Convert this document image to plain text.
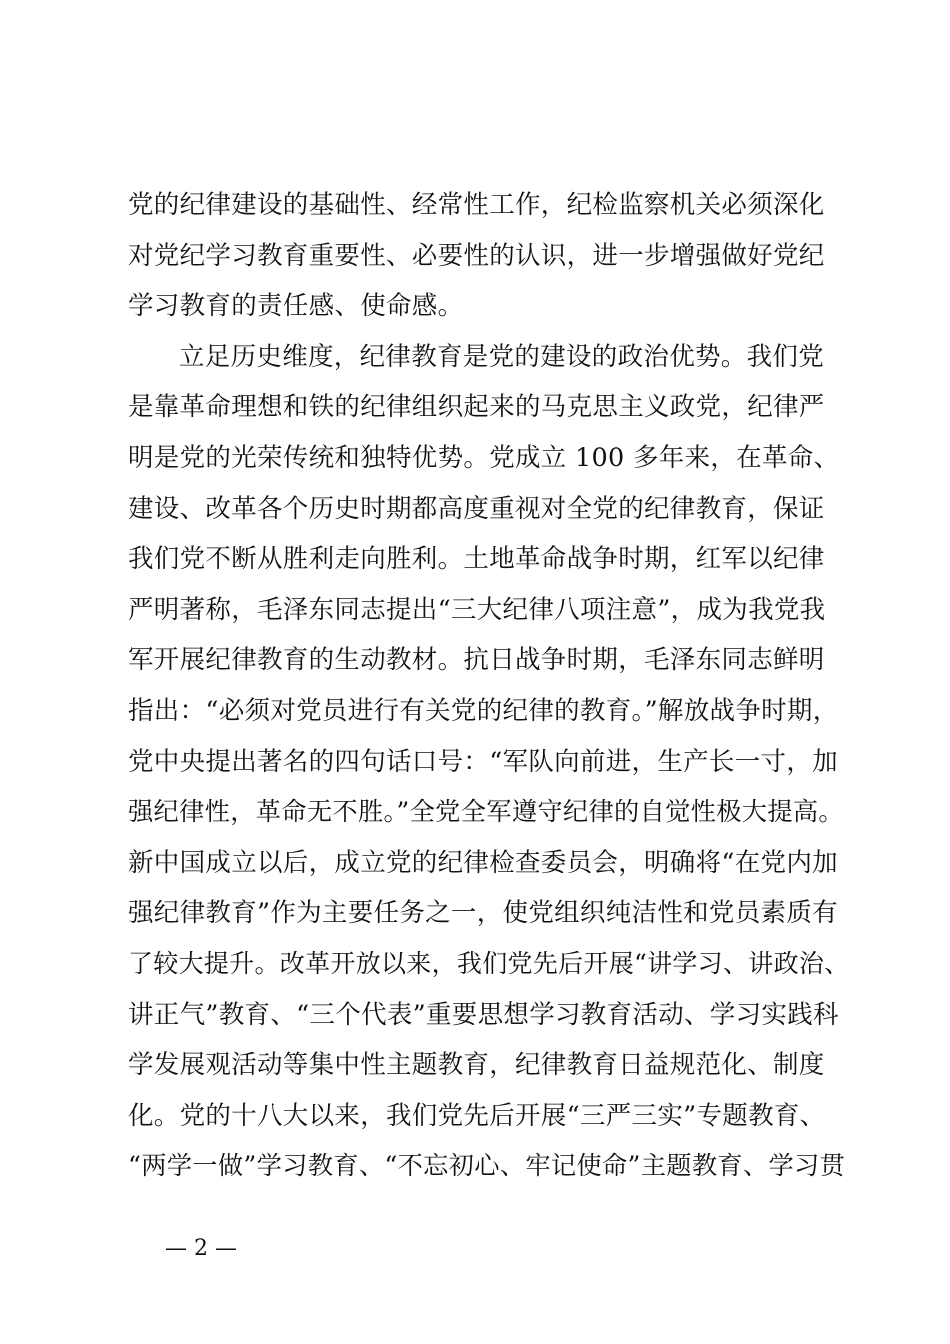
党的纪律建设的基础性、经常性工作，纪检监察机关必须深化
对党纪学习教育重要性、必要性的认识，进一步增强做好党纪
学习教育的责任感、使命感。
立足历史维度，纪律教育是党的建设的政治优势。我们党
是靠革命理想和铁的纪律组织起来的马克思主义政党，纪律严
明是党的光荣传统和独特优势。党成立 100 多年来，在革命、
建设、改革各个历史时期都高度重视对全党的纪律教育，保证
我们党不断从胜利走向胜利。土地革命战争时期，红军以纪律
严明著称，毛泽东同志提出“三大纪律八项注意”，成为我党我
军开展纪律教育的生动教材。抗日战争时期，毛泽东同志鲜明
指出：“必须对党员进行有关党的纪律的教育。”解放战争时期，
党中央提出著名的四句话口号：“军队向前进，生产长一寸，加
强纪律性，革命无不胜。”全党全军遵守纪律的自觉性极大提高。
新中国成立以后，成立党的纪律检查委员会，明确将“在党内加
强纪律教育”作为主要任务之一，使党组织纯洁性和党员素质有
了较大提升。改革开放以来，我们党先后开展“讲学习、讲政治、
讲正气”教育、“三个代表”重要思想学习教育活动、学习实践科
学发展观活动等集中性主题教育，纪律教育日益规范化、制度
化。党的十八大以来，我们党先后开展“三严三实”专题教育、
“两学一做”学习教育、“不忘初心、牢记使命”主题教育、学习贯
— 2 —
